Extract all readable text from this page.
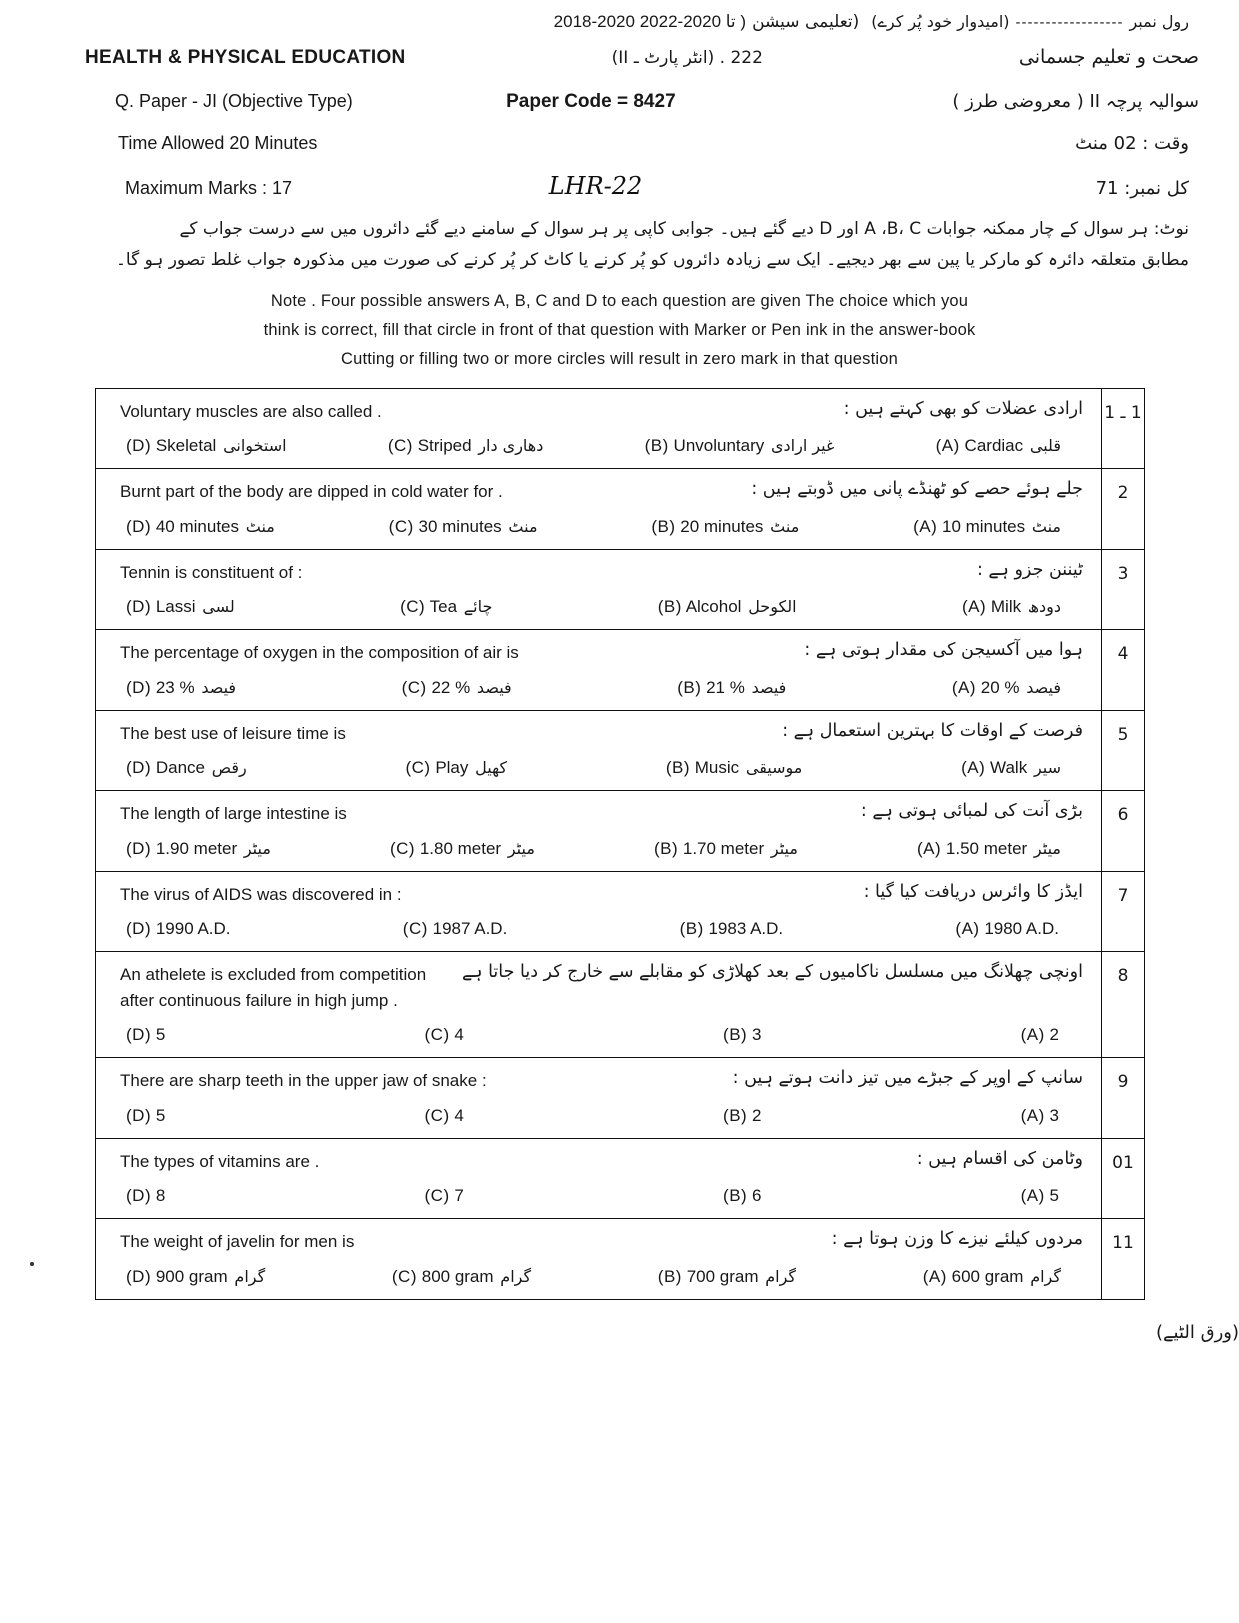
2018-2020 تا 2020-2022 ) (تعلیمی سیشن (امیدوار خود پُر کرے) ------------------ رول نمبر
HEALTH & PHYSICAL EDUCATION	222 . (انٹر پارٹ ـ II)	صحت و تعلیم جسمانی
Q. Paper - JI (Objective Type)	Paper Code = 8427	سوالیہ پرچہ II ( معروضی طرز )
Time Allowed 20 Minutes	وقت : 20 منٹ
Maximum Marks : 17	LHR-22	کل نمبر: 17
نوٹ: ہر سوال کے چار ممکنہ جوابات A ،B، C اور D دیے گئے ہیں۔ جوابی کاپی پر ہر سوال کے سامنے دیے گئے دائروں میں سے درست جواب کے
مطابق متعلقہ دائرہ کو مارکر یا پین سے بھر دیجیے۔ ایک سے زیادہ دائروں کو پُر کرنے یا کاٹ کر پُر کرنے کی صورت میں مذکورہ جواب غلط تصور ہو گا۔
Note . Four possible answers A, B, C and D to each question are given The choice which you
think is correct, fill that circle in front of that question with Marker or Pen ink in the answer-book
Cutting or filling two or more circles will result in zero mark in that question
Voluntary muscles are also called .	ارادی عضلات کو بھی کہتے ہیں :
(A) Cardiac قلبی
(B) Unvoluntary غیر ارادی
(C) Striped دھاری دار
(D) Skeletal استخوانی
	1 ـ 1

Burnt part of the body are dipped in cold water for .	جلے ہوئے حصے کو ٹھنڈے پانی میں ڈوبتے ہیں :
(A) 10 minutes منٹ
(B) 20 minutes منٹ
(C) 30 minutes منٹ
(D) 40 minutes منٹ
	2

Tennin is constituent of :	ٹیننن جزو ہے :
(A) Milk دودھ
(B) Alcohol الکوحل
(C) Tea چائے
(D) Lassi لسی
	3

The percentage of oxygen in the composition of air is	ہوا میں آکسیجن کی مقدار ہوتی ہے :
(A) 20 % فیصد
(B) 21 % فیصد
(C) 22 % فیصد
(D) 23 % فیصد
	4

The best use of leisure time is	فرصت کے اوقات کا بہترین استعمال ہے :
(A) Walk سیر
(B) Music موسیقی
(C) Play کھیل
(D) Dance رقص
	5

The length of large intestine is	بڑی آنت کی لمبائی ہوتی ہے :
(A) 1.50 meter میٹر
(B) 1.70 meter میٹر
(C) 1.80 meter میٹر
(D) 1.90 meter میٹر
	6

The virus of AIDS was discovered in :	ایڈز کا وائرس دریافت کیا گیا :
(A) 1980 A.D.
(B) 1983 A.D.
(C) 1987 A.D.
(D) 1990 A.D.
	7

An athelete is excluded from competition after continuous failure in high jump .
اونچی چھلانگ میں مسلسل ناکامیوں کے بعد کھلاڑی کو مقابلے سے خارج کر دیا جاتا ہے
(A) 2
(B) 3
(C) 4
(D) 5
	8

There are sharp teeth in the upper jaw of snake :	سانپ کے اوپر کے جبڑے میں تیز دانت ہوتے ہیں :
(A) 3
(B) 2
(C) 4
(D) 5
	9

The types of vitamins are .	وٹامن کی اقسام ہیں :
(A) 5
(B) 6
(C) 7
(D) 8
	10

The weight of javelin for men is	مردوں کیلئے نیزے کا وزن ہوتا ہے :
(A) 600 gram گرام
(B) 700 gram گرام
(C) 800 gram گرام
(D) 900 gram گرام
	11
(ورق الٹیے)
